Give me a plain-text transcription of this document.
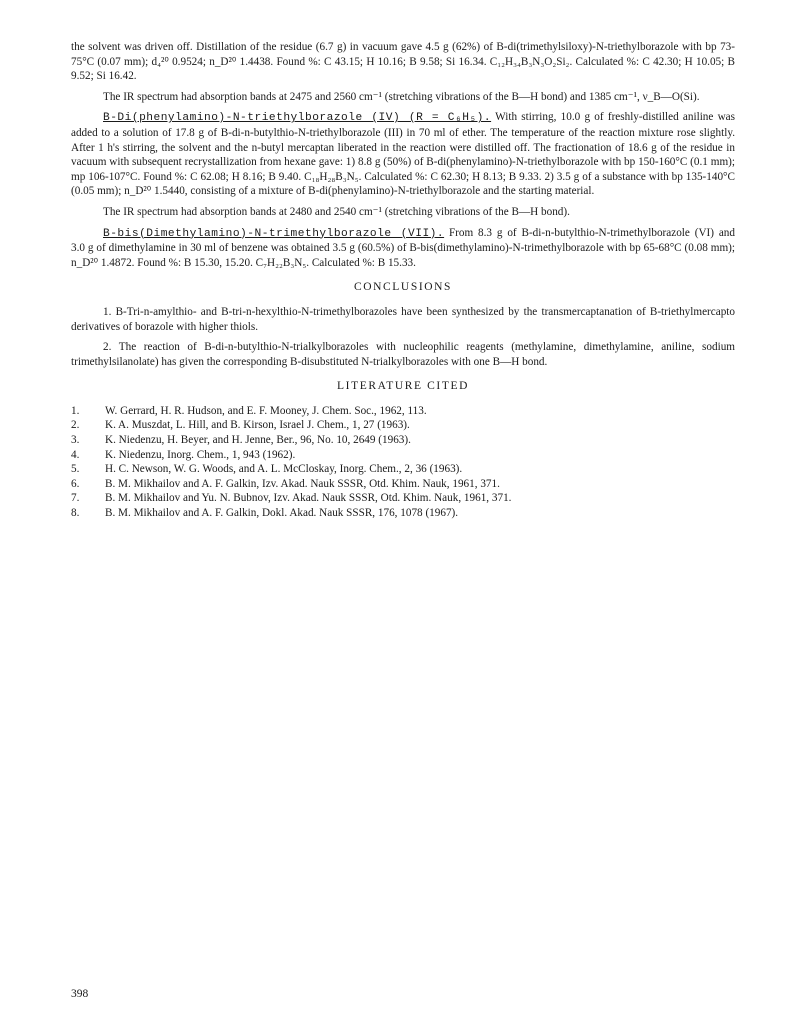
the solvent was driven off. Distillation of the residue (6.7 g) in vacuum gave 4.5 g (62%) of B-di(trimethylsiloxy)-N-triethylborazole with bp 73-75°C (0.07 mm); d₄²⁰ 0.9524; n_D²⁰ 1.4438. Found %: C 43.15; H 10.16; B 9.58; Si 16.34. C₁₂H₃₄B₃N₃O₂Si₂. Calculated %: C 42.30; H 10.05; B 9.52; Si 16.42.

The IR spectrum had absorption bands at 2475 and 2560 cm⁻¹ (stretching vibrations of the B—H bond) and 1385 cm⁻¹, ν_B—O(Si).

B-Di(phenylamino)-N-triethylborazole (IV) (R = C₆H₅). With stirring, 10.0 g of freshly-distilled aniline was added to a solution of 17.8 g of B-di-n-butylthio-N-triethylborazole (III) in 70 ml of ether. The temperature of the reaction mixture rose slightly. After 1 h's stirring, the solvent and the n-butyl mercaptan liberated in the reaction were distilled off. The fractionation of 18.6 g of the residue in vacuum with subsequent recrystallization from hexane gave: 1) 8.8 g (50%) of B-di(phenylamino)-N-triethylborazole with bp 150-160°C (0.1 mm); mp 106-107°C. Found %: C 62.08; H 8.16; B 9.40. C₁₈H₂₈B₃N₅. Calculated %: C 62.30; H 8.13; B 9.33. 2) 3.5 g of a substance with bp 135-140°C (0.05 mm); n_D²⁰ 1.5440, consisting of a mixture of B-di(phenylamino)-N-triethylborazole and the starting material.

The IR spectrum had absorption bands at 2480 and 2540 cm⁻¹ (stretching vibrations of the B—H bond).

B-bis(Dimethylamino)-N-trimethylborazole (VII). From 8.3 g of B-di-n-butylthio-N-trimethylborazole (VI) and 3.0 g of dimethylamine in 30 ml of benzene was obtained 3.5 g (60.5%) of B-bis(dimethylamino)-N-trimethylborazole with bp 65-68°C (0.08 mm); n_D²⁰ 1.4872. Found %: B 15.30, 15.20. C₇H₂₂B₃N₅. Calculated %: B 15.33.

CONCLUSIONS

1. B-Tri-n-amylthio- and B-tri-n-hexylthio-N-trimethylborazoles have been synthesized by the transmercaptanation of B-triethylmercapto derivatives of borazole with higher thiols.

2. The reaction of B-di-n-butylthio-N-trialkylborazoles with nucleophilic reagents (methylamine, dimethylamine, aniline, sodium trimethylsilanolate) has given the corresponding B-disubstituted N-trialkylborazoles with one B—H bond.

LITERATURE CITED
1.	W. Gerrard, H. R. Hudson, and E. F. Mooney, J. Chem. Soc., 1962, 113.
2.	K. A. Muszdat, L. Hill, and B. Kirson, Israel J. Chem., 1, 27 (1963).
3.	K. Niedenzu, H. Beyer, and H. Jenne, Ber., 96, No. 10, 2649 (1963).
4.	K. Niedenzu, Inorg. Chem., 1, 943 (1962).
5.	H. C. Newson, W. G. Woods, and A. L. McCloskay, Inorg. Chem., 2, 36 (1963).
6.	B. M. Mikhailov and A. F. Galkin, Izv. Akad. Nauk SSSR, Otd. Khim. Nauk, 1961, 371.
7.	B. M. Mikhailov and Yu. N. Bubnov, Izv. Akad. Nauk SSSR, Otd. Khim. Nauk, 1961, 371.
8.	B. M. Mikhailov and A. F. Galkin, Dokl. Akad. Nauk SSSR, 176, 1078 (1967).
398
